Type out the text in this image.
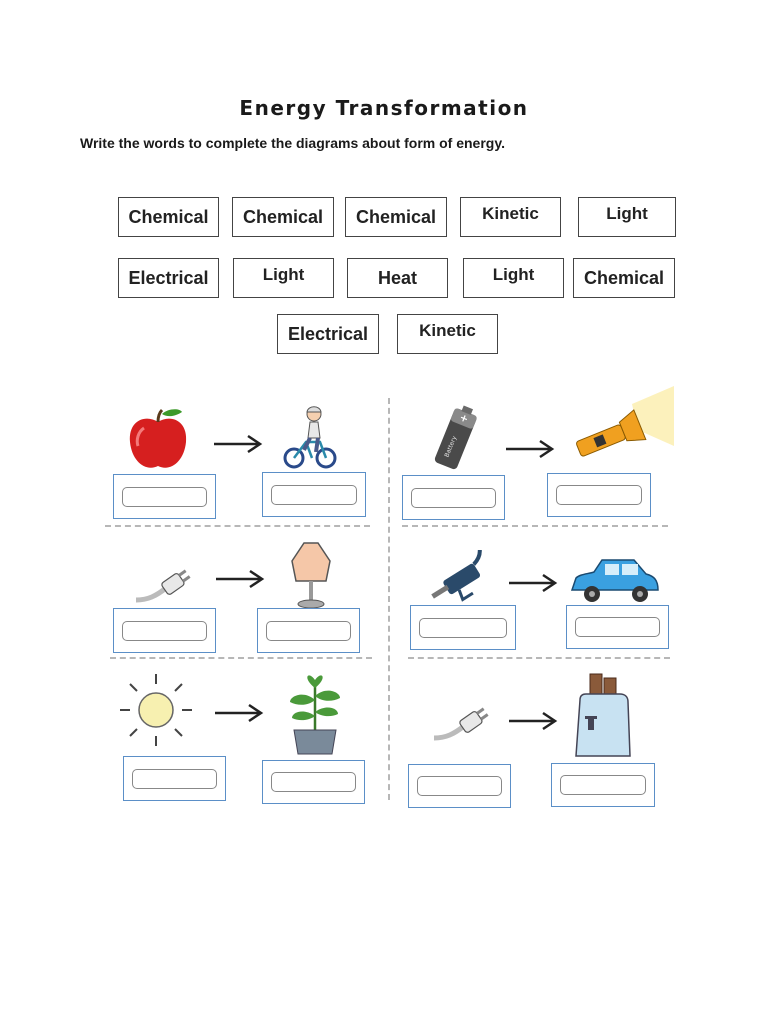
Energy Transformation
Write the words to complete the diagrams about form of energy.
Chemical	Chemical	Chemical	Kinetic	Light
Electrical	Light	Heat	Light	Chemical
Electrical	Kinetic
+
Battery
